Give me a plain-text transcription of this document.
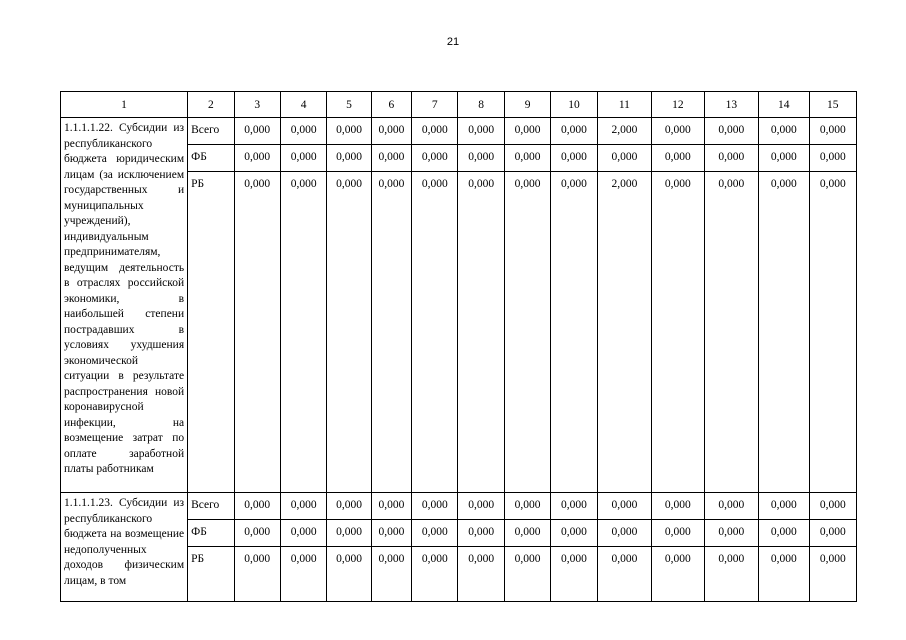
21
1	2	3	4	5	6	7	8	9	10	11	12	13	14	15
1.1.1.1.22. Субсидии из республиканского бюджета юридическим лицам (за исключением государственных и муниципальных учреждений), индивидуальным предпринимателям, ведущим деятельность в отраслях российской экономики, в наибольшей степени пострадавших в условиях ухудшения экономической ситуации в результате распространения новой коронавирусной инфекции, на возмещение затрат по оплате заработной платы работникам	Всего	0,000	0,000	0,000	0,000	0,000	0,000	0,000	0,000	2,000	0,000	0,000	0,000	0,000
	ФБ	0,000	0,000	0,000	0,000	0,000	0,000	0,000	0,000	0,000	0,000	0,000	0,000	0,000
	РБ	0,000	0,000	0,000	0,000	0,000	0,000	0,000	0,000	2,000	0,000	0,000	0,000	0,000
1.1.1.1.23. Субсидии из республиканского бюджета на возмещение недополученных доходов физическим лицам, в том	Всего	0,000	0,000	0,000	0,000	0,000	0,000	0,000	0,000	0,000	0,000	0,000	0,000	0,000
	ФБ	0,000	0,000	0,000	0,000	0,000	0,000	0,000	0,000	0,000	0,000	0,000	0,000	0,000
	РБ	0,000	0,000	0,000	0,000	0,000	0,000	0,000	0,000	0,000	0,000	0,000	0,000	0,000
